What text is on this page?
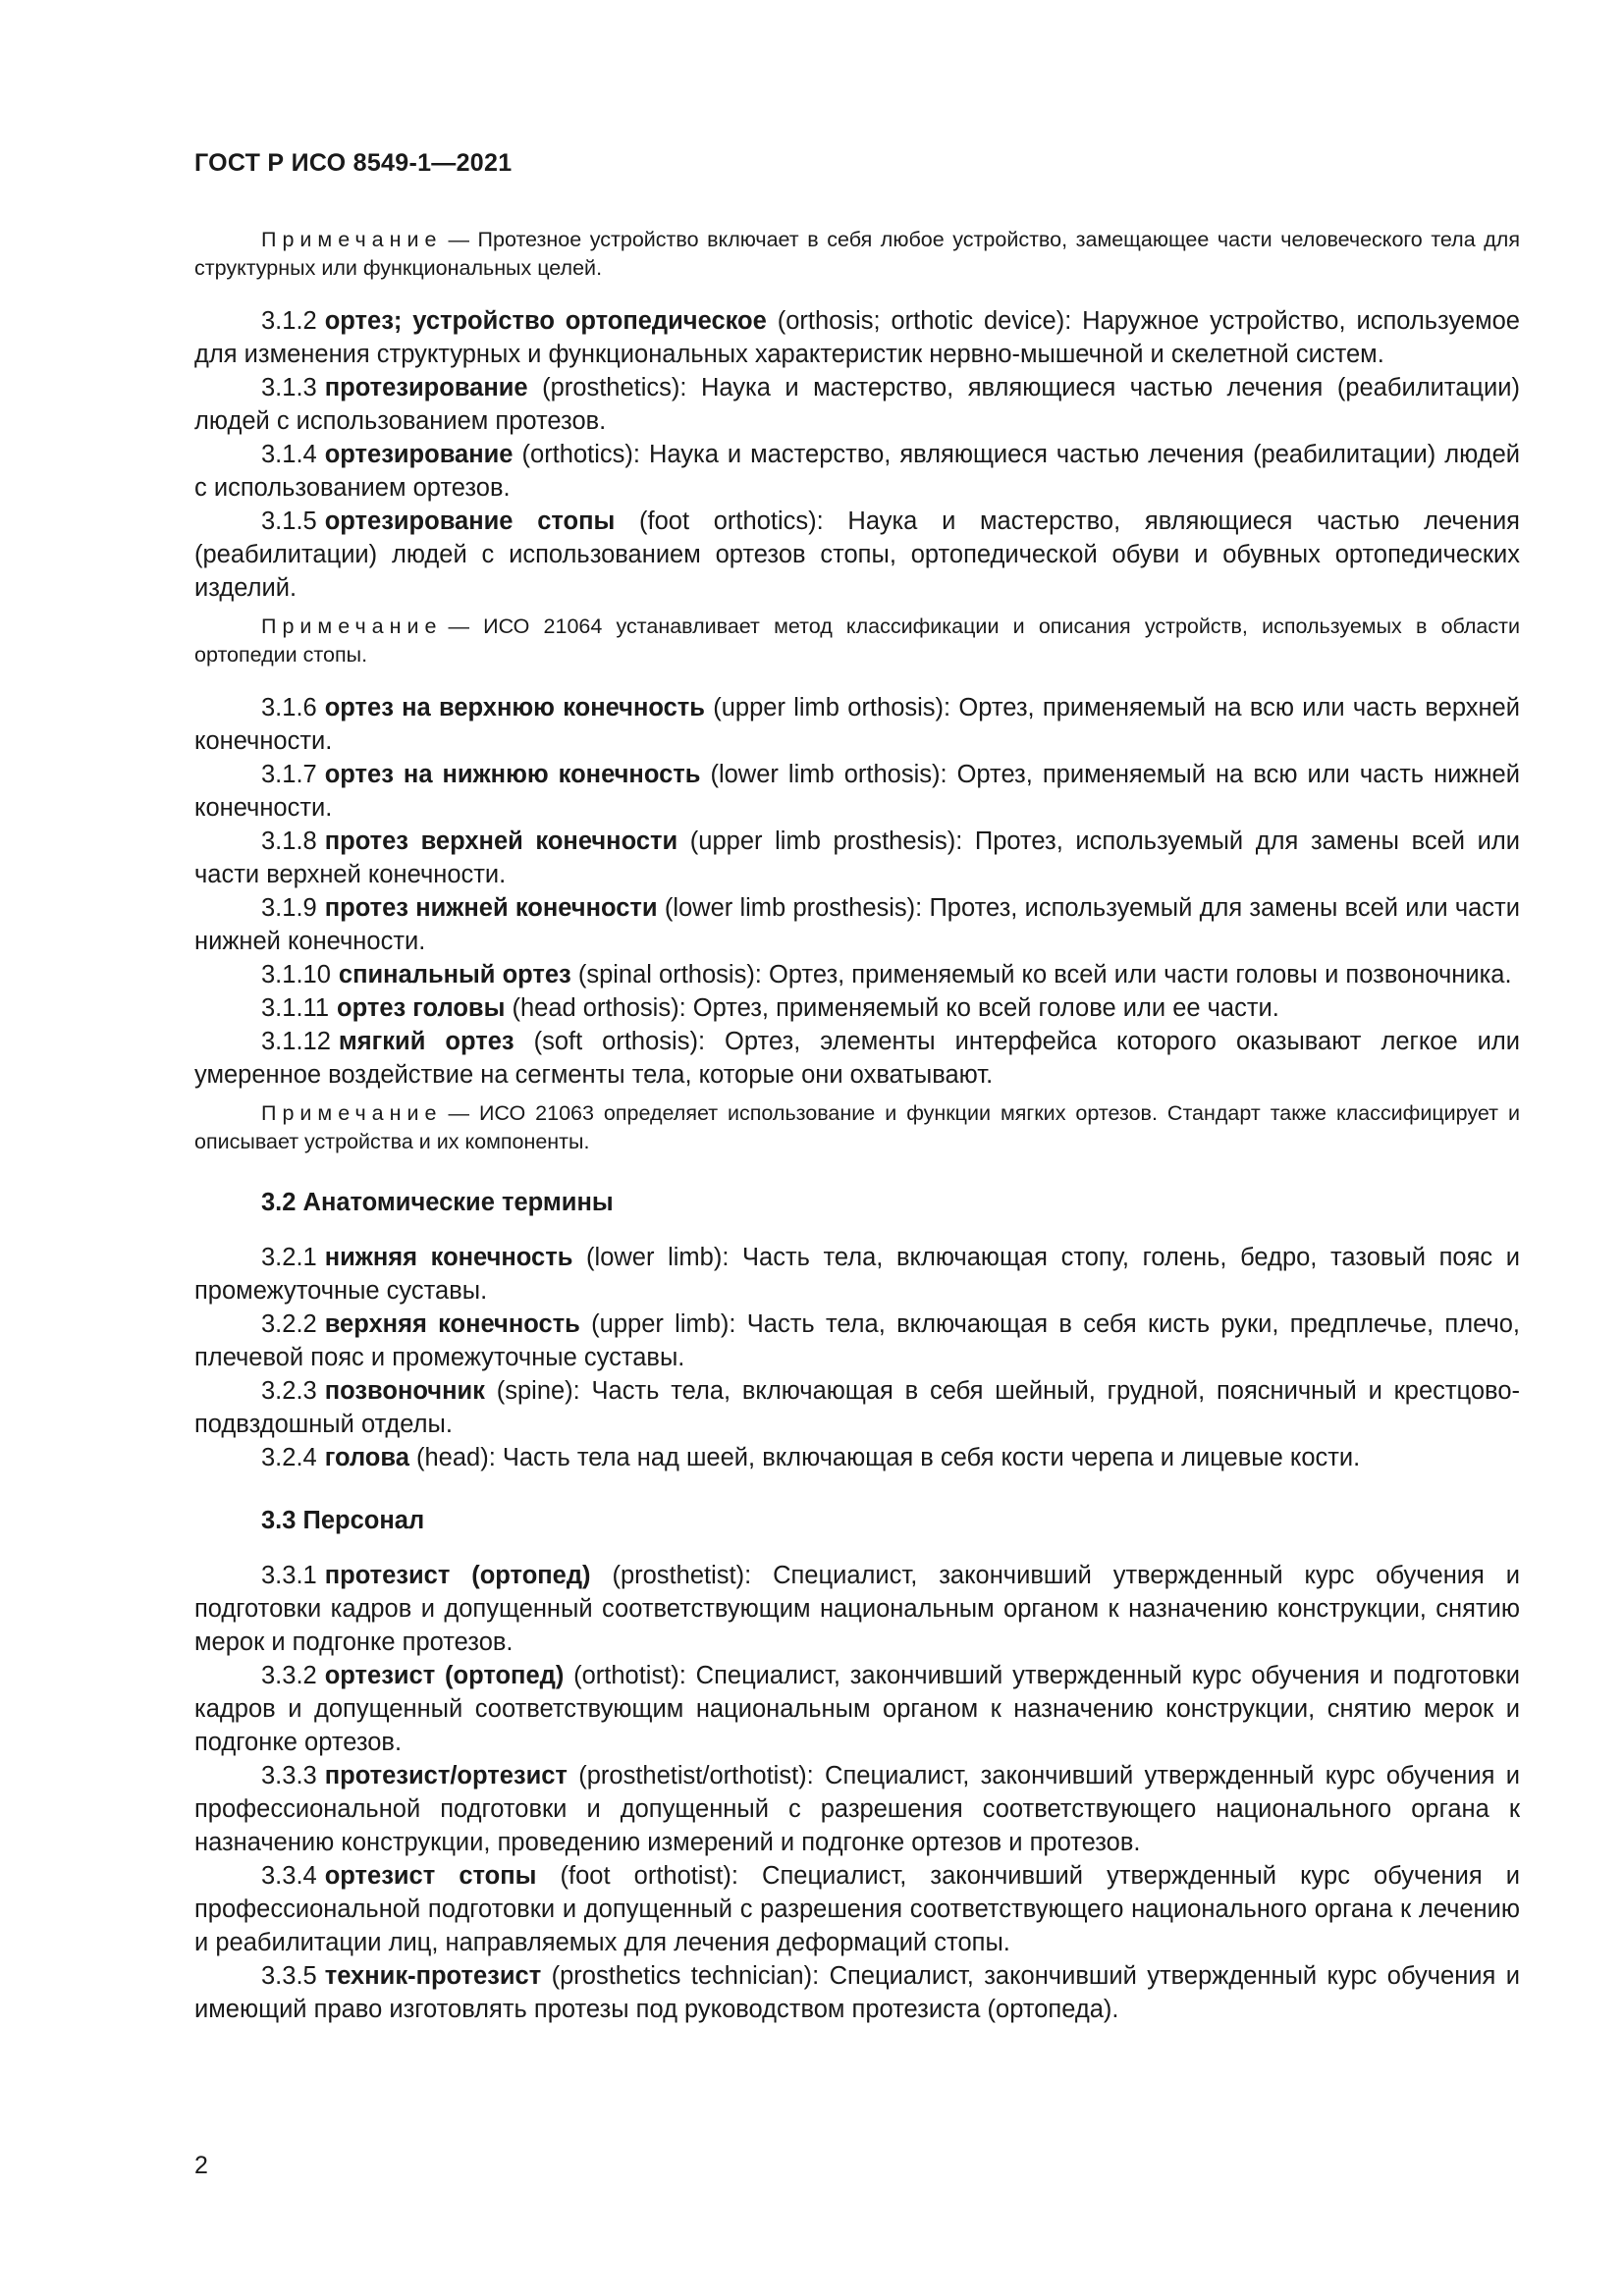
ГОСТ Р ИСО 8549-1—2021

Примечание — Протезное устройство включает в себя любое устройство, замещающее части человеческого тела для структурных или функциональных целей.

3.1.2 ортез; устройство ортопедическое (orthosis; orthotic device): Наружное устройство, используемое для изменения структурных и функциональных характеристик нервно-мышечной и скелетной систем.

3.1.3 протезирование (prosthetics): Наука и мастерство, являющиеся частью лечения (реабилитации) людей с использованием протезов.

3.1.4 ортезирование (orthotics): Наука и мастерство, являющиеся частью лечения (реабилитации) людей с использованием ортезов.

3.1.5 ортезирование стопы (foot orthotics): Наука и мастерство, являющиеся частью лечения (реабилитации) людей с использованием ортезов стопы, ортопедической обуви и обувных ортопедических изделий.

Примечание — ИСО 21064 устанавливает метод классификации и описания устройств, используемых в области ортопедии стопы.

3.1.6 ортез на верхнюю конечность (upper limb orthosis): Ортез, применяемый на всю или часть верхней конечности.

3.1.7 ортез на нижнюю конечность (lower limb orthosis): Ортез, применяемый на всю или часть нижней конечности.

3.1.8 протез верхней конечности (upper limb prosthesis): Протез, используемый для замены всей или части верхней конечности.

3.1.9 протез нижней конечности (lower limb prosthesis): Протез, используемый для замены всей или части нижней конечности.

3.1.10 спинальный ортез (spinal orthosis): Ортез, применяемый ко всей или части головы и позвоночника.

3.1.11 ортез головы (head orthosis): Ортез, применяемый ко всей голове или ее части.

3.1.12 мягкий ортез (soft orthosis): Ортез, элементы интерфейса которого оказывают легкое или умеренное воздействие на сегменты тела, которые они охватывают.

Примечание — ИСО 21063 определяет использование и функции мягких ортезов. Стандарт также классифицирует и описывает устройства и их компоненты.

3.2 Анатомические термины

3.2.1 нижняя конечность (lower limb): Часть тела, включающая стопу, голень, бедро, тазовый пояс и промежуточные суставы.

3.2.2 верхняя конечность (upper limb): Часть тела, включающая в себя кисть руки, предплечье, плечо, плечевой пояс и промежуточные суставы.

3.2.3 позвоночник (spine): Часть тела, включающая в себя шейный, грудной, поясничный и крестцово-подвздошный отделы.

3.2.4 голова (head): Часть тела над шеей, включающая в себя кости черепа и лицевые кости.

3.3 Персонал

3.3.1 протезист (ортопед) (prosthetist): Специалист, закончивший утвержденный курс обучения и подготовки кадров и допущенный соответствующим национальным органом к назначению конструкции, снятию мерок и подгонке протезов.

3.3.2 ортезист (ортопед) (orthotist): Специалист, закончивший утвержденный курс обучения и подготовки кадров и допущенный соответствующим национальным органом к назначению конструкции, снятию мерок и подгонке ортезов.

3.3.3 протезист/ортезист (prosthetist/orthotist): Специалист, закончивший утвержденный курс обучения и профессиональной подготовки и допущенный с разрешения соответствующего национального органа к назначению конструкции, проведению измерений и подгонке ортезов и протезов.

3.3.4 ортезист стопы (foot orthotist): Специалист, закончивший утвержденный курс обучения и профессиональной подготовки и допущенный с разрешения соответствующего национального органа к лечению и реабилитации лиц, направляемых для лечения деформаций стопы.

3.3.5 техник-протезист (prosthetics technician): Специалист, закончивший утвержденный курс обучения и имеющий право изготовлять протезы под руководством протезиста (ортопеда).

2
